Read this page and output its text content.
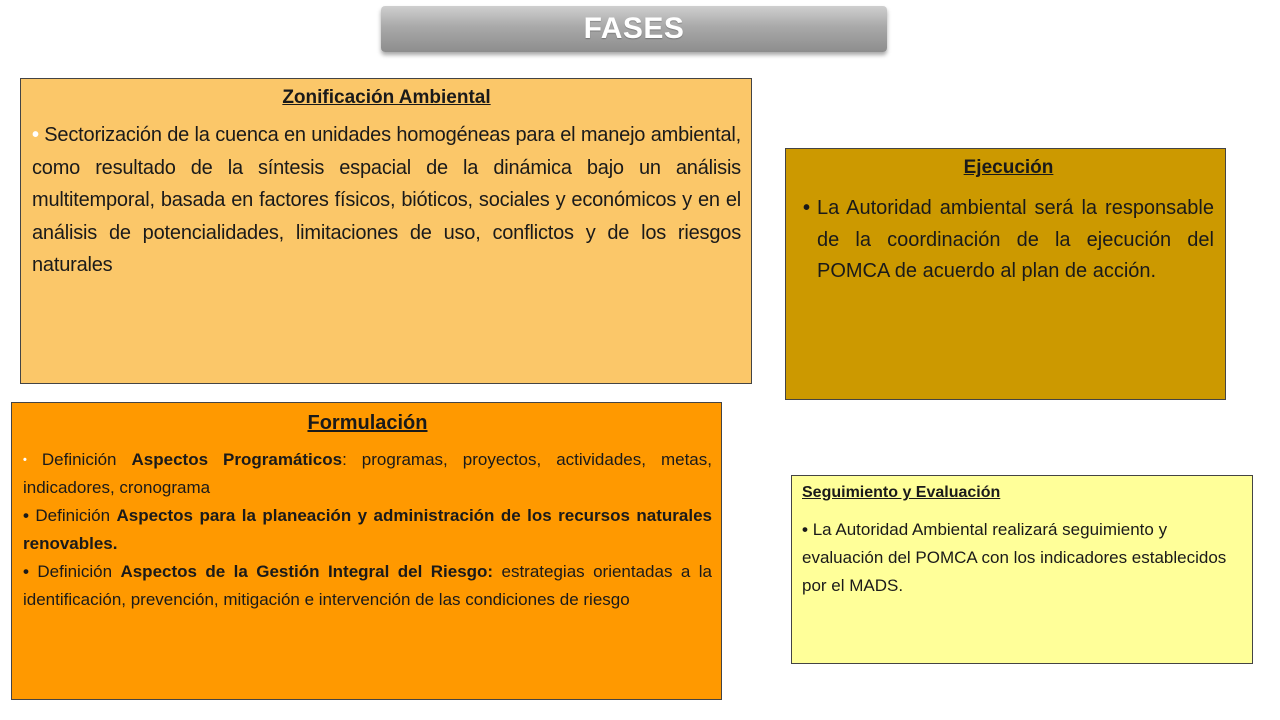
FASES
Zonificación Ambiental

• Sectorización de la cuenca en unidades homogéneas para el manejo ambiental, como resultado de la síntesis espacial de la dinámica bajo un análisis multitemporal, basada en factores físicos, bióticos, sociales y económicos y en el análisis de potencialidades, limitaciones de uso, conflictos y de los riesgos naturales

Ejecución
• La Autoridad ambiental será la responsable de la coordinación de la ejecución del POMCA de acuerdo al plan de acción.

Formulación

• Definición Aspectos Programáticos: programas, proyectos, actividades, metas, indicadores, cronograma

• Definición Aspectos para la planeación y administración de los recursos naturales renovables.

• Definición Aspectos de la Gestión Integral del Riesgo: estrategias orientadas a la identificación, prevención, mitigación e intervención de las condiciones de riesgo

Seguimiento y Evaluación

• La Autoridad Ambiental realizará seguimiento y evaluación del POMCA con los indicadores establecidos por el MADS.
